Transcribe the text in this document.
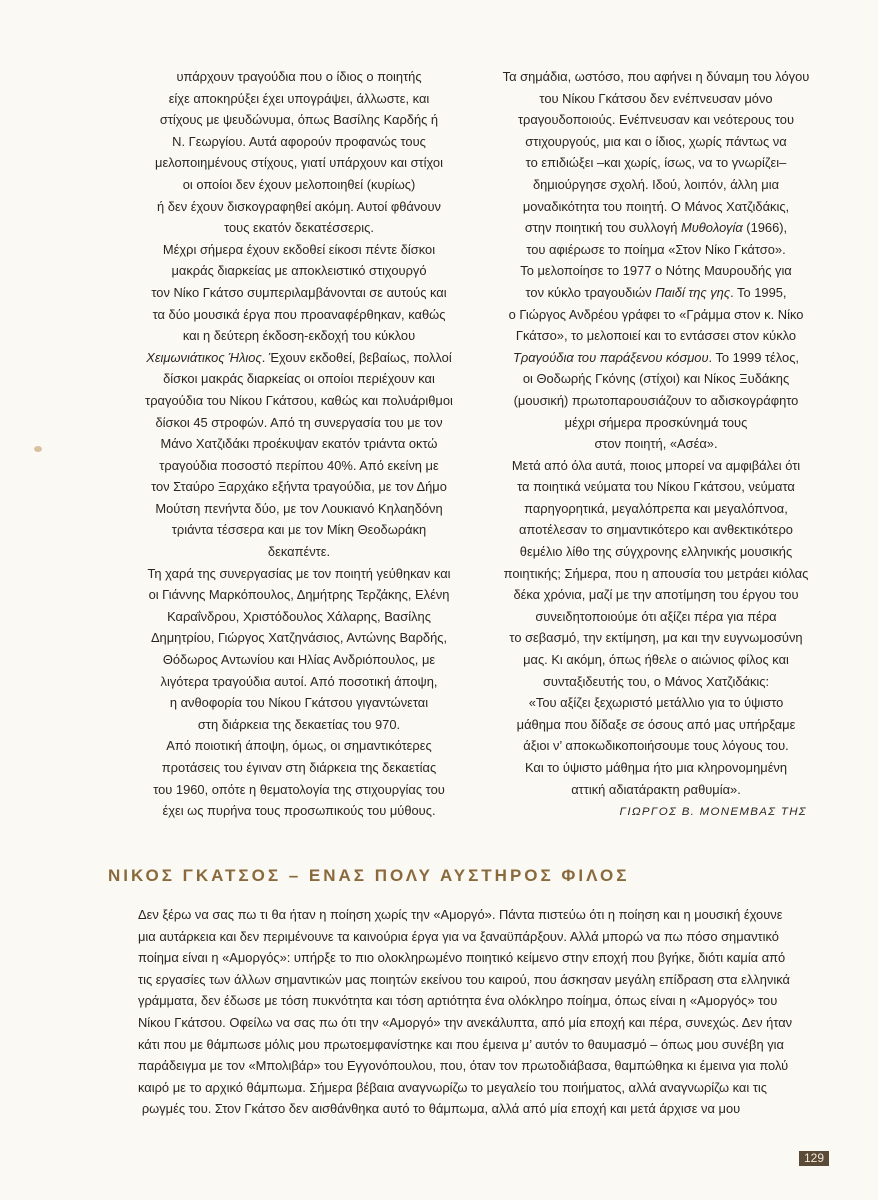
υπάρχουν τραγούδια που ο ίδιος ο ποιητής
είχε αποκηρύξει έχει υπογράψει, άλλωστε, και
στίχους με ψευδώνυμα, όπως Βασίλης Καρδής ή
Ν. Γεωργίου. Αυτά αφορούν προφανώς τους
μελοποιημένους στίχους, γιατί υπάρχουν και στίχοι
οι οποίοι δεν έχουν μελοποιηθεί (κυρίως)
ή δεν έχουν δισκογραφηθεί ακόμη. Αυτοί φθάνουν
τους εκατόν δεκατέσσερις.
Μέχρι σήμερα έχουν εκδοθεί είκοσι πέντε δίσκοι
μακράς διαρκείας με αποκλειστικό στιχουργό
τον Νίκο Γκάτσο συμπεριλαμβάνονται σε αυτούς και
τα δύο μουσικά έργα που προαναφέρθηκαν, καθώς
και η δεύτερη έκδοση-εκδοχή του κύκλου
Χειμωνιάτικος Ήλιος. Έχουν εκδοθεί, βεβαίως, πολλοί
δίσκοι μακράς διαρκείας οι οποίοι περιέχουν και
τραγούδια του Νίκου Γκάτσου, καθώς και πολυάριθμοι
δίσκοι 45 στροφών. Από τη συνεργασία του με τον
Μάνο Χατζιδάκι προέκυψαν εκατόν τριάντα οκτώ
τραγούδια ποσοστό περίπου 40%. Από εκείνη με
τον Σταύρο Ξαρχάκο εξήντα τραγούδια, με τον Δήμο
Μούτση πενήντα δύο, με τον Λουκιανό Κηλαηδόνη
τριάντα τέσσερα και με τον Μίκη Θεοδωράκη
δεκαπέντε.
Τη χαρά της συνεργασίας με τον ποιητή γεύθηκαν και
οι Γιάννης Μαρκόπουλος, Δημήτρης Τερζάκης, Ελένη
Καραΐνδρου, Χριστόδουλος Χάλαρης, Βασίλης
Δημητρίου, Γιώργος Χατζηνάσιος, Αντώνης Βαρδής,
Θόδωρος Αντωνίου και Ηλίας Ανδριόπουλος, με
λιγότερα τραγούδια αυτοί. Από ποσοτική άποψη,
η ανθοφορία του Νίκου Γκάτσου γιγαντώνεται
στη διάρκεια της δεκαετίας του 970.
Από ποιοτική άποψη, όμως, οι σημαντικότερες
προτάσεις του έγιναν στη διάρκεια της δεκαετίας
του 1960, οπότε η θεματολογία της στιχουργίας του
έχει ως πυρήνα τους προσωπικούς του μύθους.
Τα σημάδια, ωστόσο, που αφήνει η δύναμη του λόγου
του Νίκου Γκάτσου δεν ενέπνευσαν μόνο
τραγουδοποιούς. Ενέπνευσαν και νεότερους του
στιχουργούς, μια και ο ίδιος, χωρίς πάντως να
το επιδιώξει –και χωρίς, ίσως, να το γνωρίζει–
δημιούργησε σχολή. Ιδού, λοιπόν, άλλη μια
μοναδικότητα του ποιητή. Ο Μάνος Χατζιδάκις,
στην ποιητική του συλλογή Μυθολογία (1966),
του αφιέρωσε το ποίημα «Στον Νίκο Γκάτσο».
Το μελοποίησε το 1977 ο Νότης Μαυρουδής για
τον κύκλο τραγουδιών Παιδί της γης. Το 1995,
ο Γιώργος Ανδρέου γράφει το «Γράμμα στον κ. Νίκο
Γκάτσο», το μελοποιεί και το εντάσσει στον κύκλο
Τραγούδια του παράξενου κόσμου. Το 1999 τέλος,
οι Θοδωρής Γκόνης (στίχοι) και Νίκος Ξυδάκης
(μουσική) πρωτοπαρουσιάζουν το αδισκογράφητο
μέχρι σήμερα προσκύνημά τους
στον ποιητή, «Ασέα».
Μετά από όλα αυτά, ποιος μπορεί να αμφιβάλει ότι
τα ποιητικά νεύματα του Νίκου Γκάτσου, νεύματα
παρηγορητικά, μεγαλόπρεπα και μεγαλόπνοα,
αποτέλεσαν το σημαντικότερο και ανθεκτικότερο
θεμέλιο λίθο της σύγχρονης ελληνικής μουσικής
ποιητικής; Σήμερα, που η απουσία του μετράει κιόλας
δέκα χρόνια, μαζί με την αποτίμηση του έργου του
συνειδητοποιούμε ότι αξίζει πέρα για πέρα
το σεβασμό, την εκτίμηση, μα και την ευγνωμοσύνη
μας. Κι ακόμη, όπως ήθελε ο αιώνιος φίλος και
συνταξιδευτής του, ο Μάνος Χατζιδάκις:
«Του αξίζει ξεχωριστό μετάλλιο για το ύψιστο
μάθημα που δίδαξε σε όσους από μας υπήρξαμε
άξιοι ν’ αποκωδικοποιήσουμε τους λόγους του.
Και το ύψιστο μάθημα ήτο μια κληρονομημένη
αττική αδιατάρακτη ραθυμία».
ΓΙΩΡΓΟΣ Β. ΜΟΝΕΜΒΑΣ ΤΗΣ
ΝΙΚΟΣ ΓΚΑΤΣΟΣ – ΕΝΑΣ ΠΟΛΥ ΑΥΣΤΗΡΟΣ ΦΙΛΟΣ
Δεν ξέρω να σας πω τι θα ήταν η ποίηση χωρίς την «Αμοργό». Πάντα πιστεύω ότι η ποίηση και η μουσική έχουνε
μια αυτάρκεια και δεν περιμένουνε τα καινούρια έργα για να ξαναϋπάρξουν. Αλλά μπορώ να πω πόσο σημαντικό
ποίημα είναι η «Αμοργός»: υπήρξε το πιο ολοκληρωμένο ποιητικό κείμενο στην εποχή που βγήκε, διότι καμία από
τις εργασίες των άλλων σημαντικών μας ποιητών εκείνου του καιρού, που άσκησαν μεγάλη επίδραση στα ελληνικά
γράμματα, δεν έδωσε με τόση πυκνότητα και τόση αρτιότητα ένα ολόκληρο ποίημα, όπως είναι η «Αμοργός» του
Νίκου Γκάτσου. Οφείλω να σας πω ότι την «Αμοργό» την ανεκάλυπτα, από μία εποχή και πέρα, συνεχώς. Δεν ήταν
κάτι που με θάμπωσε μόλις μου πρωτοεμφανίστηκε και που έμεινα μ’ αυτόν το θαυμασμό – όπως μου συνέβη για
παράδειγμα με τον «Μπολιβάρ» του Εγγονόπουλου, που, όταν τον πρωτοδιάβασα, θαμπώθηκα κι έμεινα για πολύ
καιρό με το αρχικό θάμπωμα. Σήμερα βέβαια αναγνωρίζω το μεγαλείο του ποιήματος, αλλά αναγνωρίζω και τις
ρωγμές του. Στον Γκάτσο δεν αισθάνθηκα αυτό το θάμπωμα, αλλά από μία εποχή και μετά άρχισε να μου
129
